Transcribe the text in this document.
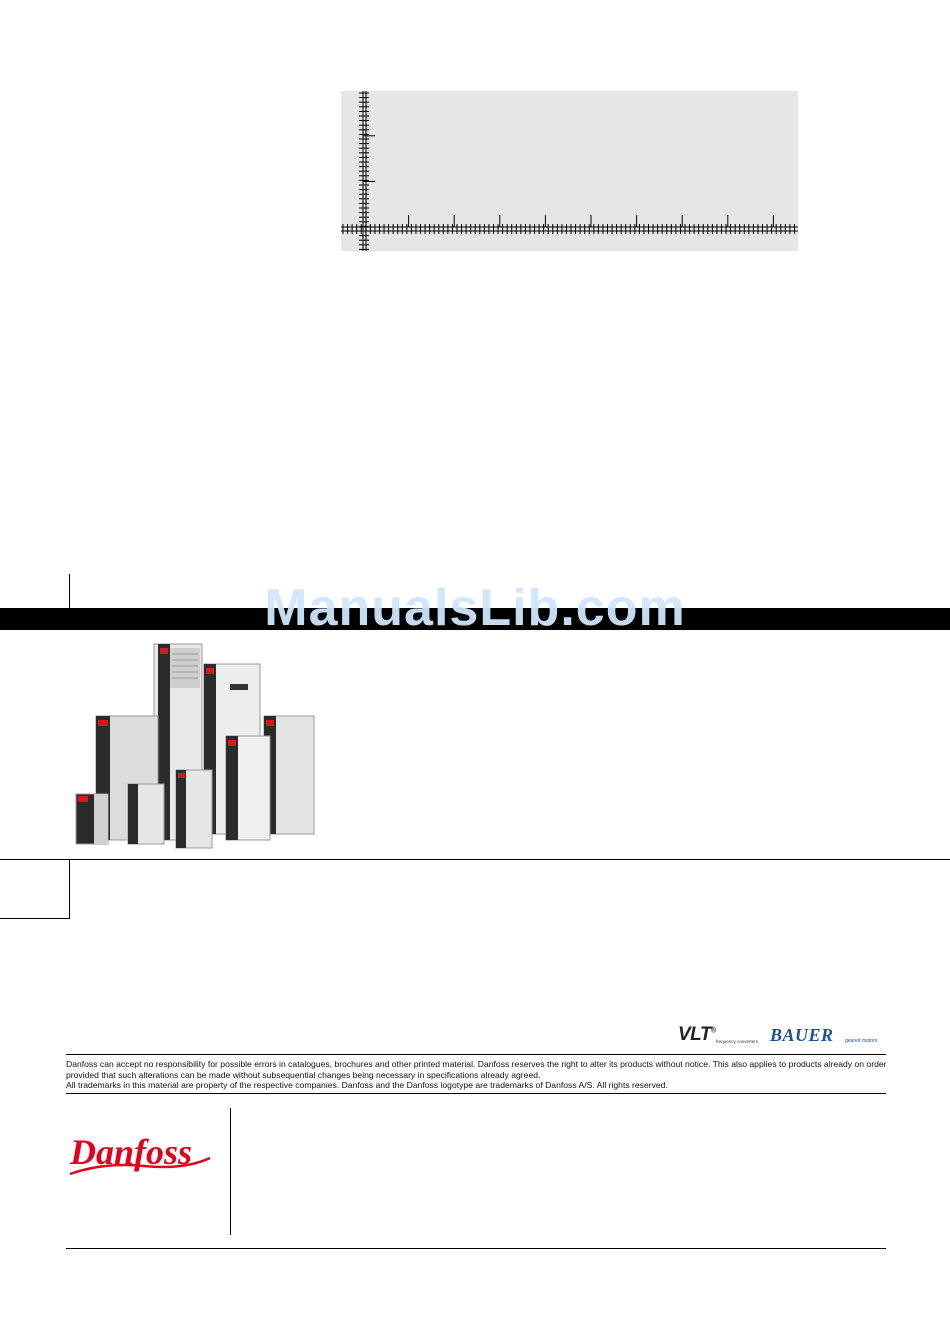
ManualsLib.com
VLT®
frequency converters BAUER geared motors

Danfoss can accept no responsibility for possible errors in catalogues, brochures and other printed material. Danfoss reserves the right to alter its products without notice. This also applies to products already on order provided that such alterations can be made without subsequential changes being necessary in specifications already agreed.

All trademarks in this material are property of the respective companies. Danfoss and the Danfoss logotype are trademarks of Danfoss A/S. All rights reserved.

Danfoss
